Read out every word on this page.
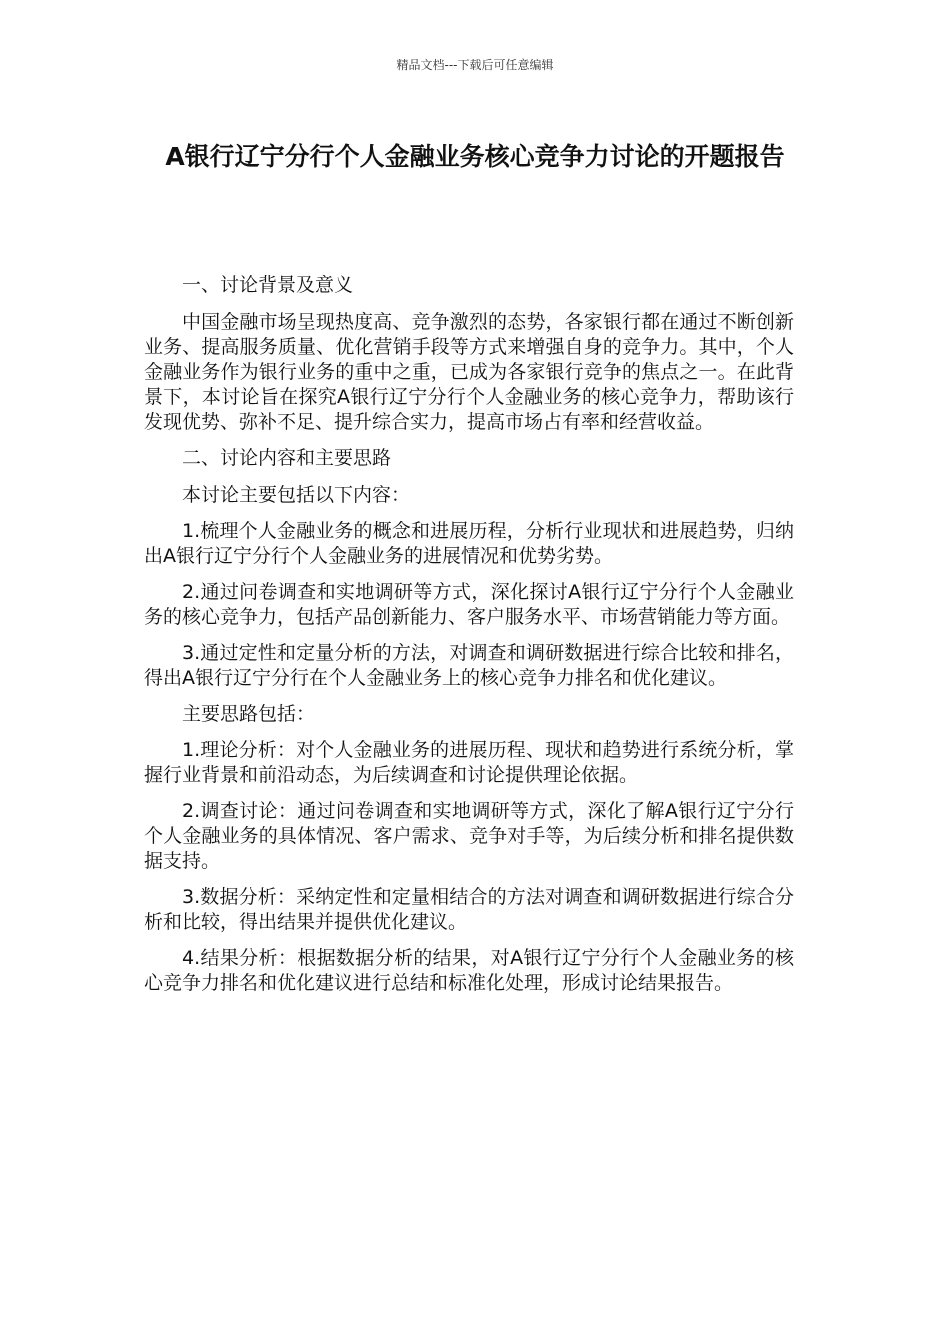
精品文档---下载后可任意编辑
A银行辽宁分行个人金融业务核心竞争力讨论的开题报告

一、讨论背景及意义

中国金融市场呈现热度高、竞争激烈的态势，各家银行都在通过不断创新业务、提高服务质量、优化营销手段等方式来增强自身的竞争力。其中，个人金融业务作为银行业务的重中之重，已成为各家银行竞争的焦点之一。在此背景下，本讨论旨在探究A银行辽宁分行个人金融业务的核心竞争力，帮助该行发现优势、弥补不足、提升综合实力，提高市场占有率和经营收益。

二、讨论内容和主要思路

本讨论主要包括以下内容：

1.梳理个人金融业务的概念和进展历程，分析行业现状和进展趋势，归纳出A银行辽宁分行个人金融业务的进展情况和优势劣势。

2.通过问卷调查和实地调研等方式，深化探讨A银行辽宁分行个人金融业务的核心竞争力，包括产品创新能力、客户服务水平、市场营销能力等方面。

3.通过定性和定量分析的方法，对调查和调研数据进行综合比较和排名，得出A银行辽宁分行在个人金融业务上的核心竞争力排名和优化建议。

主要思路包括：

1.理论分析：对个人金融业务的进展历程、现状和趋势进行系统分析，掌握行业背景和前沿动态，为后续调查和讨论提供理论依据。

2.调查讨论：通过问卷调查和实地调研等方式，深化了解A银行辽宁分行个人金融业务的具体情况、客户需求、竞争对手等，为后续分析和排名提供数据支持。

3.数据分析：采纳定性和定量相结合的方法对调查和调研数据进行综合分析和比较，得出结果并提供优化建议。

4.结果分析：根据数据分析的结果，对A银行辽宁分行个人金融业务的核心竞争力排名和优化建议进行总结和标准化处理，形成讨论结果报告。
